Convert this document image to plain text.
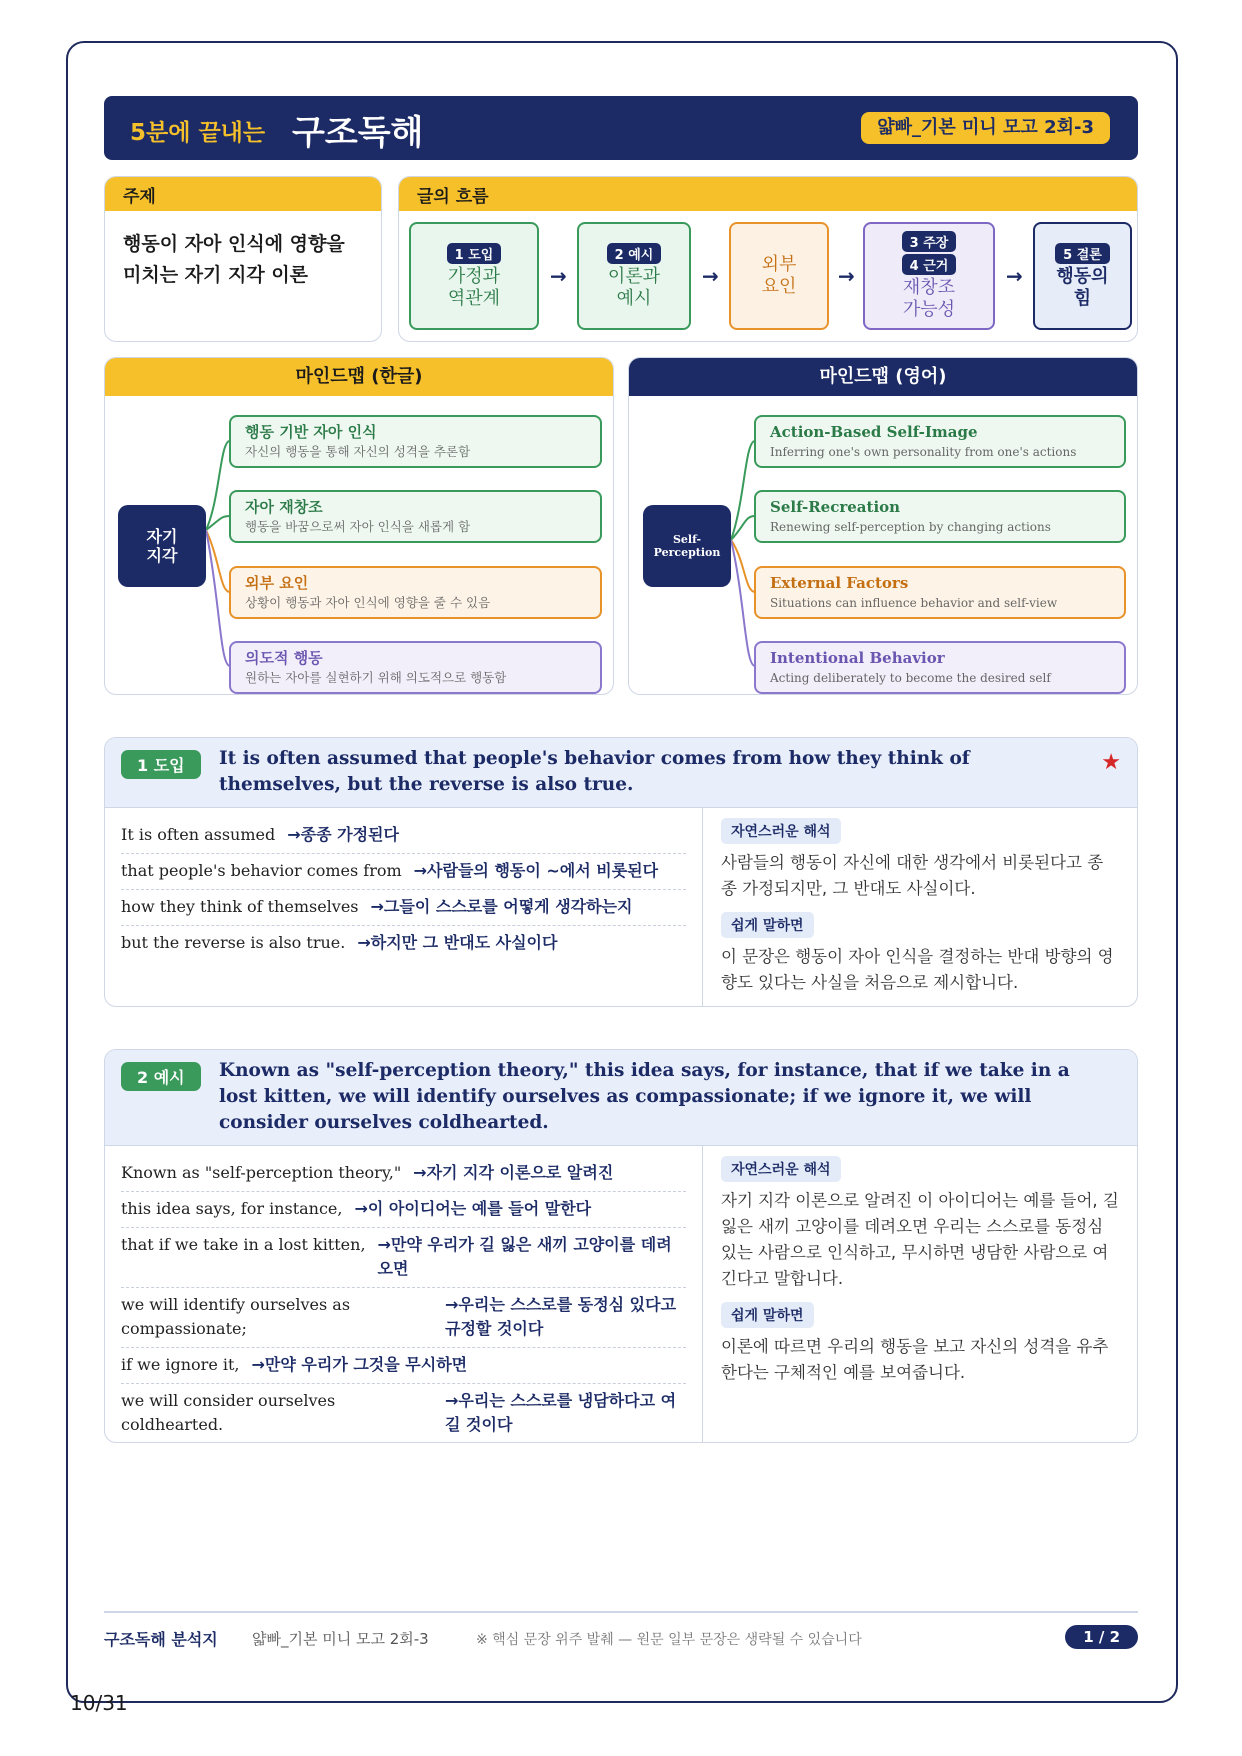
5분에 끝내는 구조독해	얇빠_기본 미니 모고 2회-3
주제
행동이 자아 인식에 영향을 미치는 자기 지각 이론
글의 흐름
1 도입
가정과
역관계
2 예시
이론과
예시
외부
요인
3 주장
4 근거
재창조
가능성
5 결론
행동의
힘
→	→	→	→
마인드맵 (한글)	마인드맵 (영어)
자기
지각
Self-Perception
행동 기반 자아 인식
자신의 행동을 통해 자신의 성격을 추론함
자아 재창조
행동을 바꿈으로써 자아 인식을 새롭게 함
외부 요인
상황이 행동과 자아 인식에 영향을 줄 수 있음
의도적 행동
원하는 자아를 실현하기 위해 의도적으로 행동함
Action-Based Self-Image
Inferring one's own personality from one's actions
Self-Recreation
Renewing self-perception by changing actions
External Factors
Situations can influence behavior and self-view
Intentional Behavior
Acting deliberately to become the desired self
1 도입	It is often assumed that people's behavior comes from how they think of themselves, but the reverse is also true.
★
It is often assumed →종종 가정된다
that people's behavior comes from →사람들의 행동이 ~에서 비롯된다
how they think of themselves →그들이 스스로를 어떻게 생각하는지
but the reverse is also true. →하지만 그 반대도 사실이다
자연스러운 해석
사람들의 행동이 자신에 대한 생각에서 비롯된다고 종종 가정되지만, 그 반대도 사실이다.
쉽게 말하면
이 문장은 행동이 자아 인식을 결정하는 반대 방향의 영향도 있다는 사실을 처음으로 제시합니다.
2 예시	Known as "self-perception theory," this idea says, for instance, that if we take in a lost kitten, we will identify ourselves as compassionate; if we ignore it, we will consider ourselves coldhearted.
Known as "self-perception theory," →자기 지각 이론으로 알려진
this idea says, for instance, →이 아이디어는 예를 들어 말한다
that if we take in a lost kitten, →만약 우리가 길 잃은 새끼 고양이를 데려오면
we will identify ourselves as compassionate;
→우리는 스스로를 동정심 있다고 규정할 것이다
if we ignore it, →만약 우리가 그것을 무시하면
we will consider ourselves coldhearted.
→우리는 스스로를 냉담하다고 여길 것이다
자연스러운 해석
자기 지각 이론으로 알려진 이 아이디어는 예를 들어, 길 잃은 새끼 고양이를 데려오면 우리는 스스로를 동정심 있는 사람으로 인식하고, 무시하면 냉담한 사람으로 여긴다고 말합니다.
쉽게 말하면
이론에 따르면 우리의 행동을 보고 자신의 성격을 유추한다는 구체적인 예를 보여줍니다.
구조독해 분석지 얇빠_기본 미니 모고 2회-3	※ 핵심 문장 위주 발췌 — 원문 일부 문장은 생략될 수 있습니다	1 / 2
10/31
